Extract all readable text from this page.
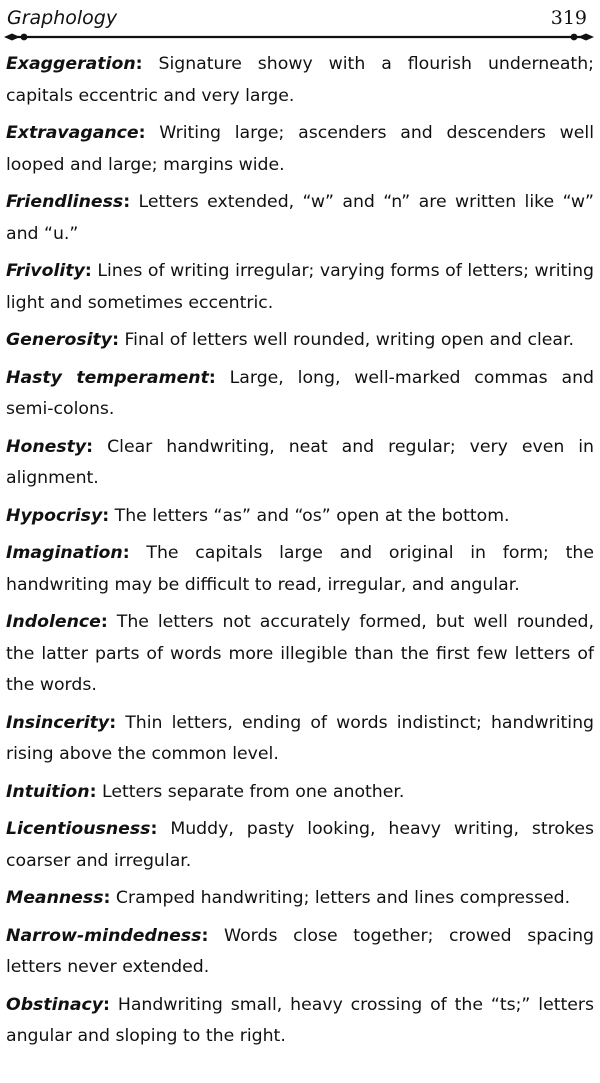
Graphology	319

Exaggeration: Signature showy with a flourish underneath; capitals eccentric and very large.

Extravagance: Writing large; ascenders and descenders well looped and large; margins wide.

Friendliness: Letters extended, “w” and “n” are written like “w” and “u.”

Frivolity: Lines of writing irregular; varying forms of letters; writing light and sometimes eccentric.

Generosity: Final of letters well rounded, writing open and clear.

Hasty temperament: Large, long, well-marked commas and semi-colons.

Honesty: Clear handwriting, neat and regular; very even in alignment.

Hypocrisy: The letters “as” and “os” open at the bottom.

Imagination: The capitals large and original in form; the handwriting may be difficult to read, irregular, and angular.

Indolence: The letters not accurately formed, but well rounded, the latter parts of words more illegible than the first few letters of the words.

Insincerity: Thin letters, ending of words indistinct; handwriting rising above the common level.

Intuition: Letters separate from one another.

Licentiousness: Muddy, pasty looking, heavy writing, strokes coarser and irregular.

Meanness: Cramped handwriting; letters and lines compressed.

Narrow-mindedness: Words close together; crowed spacing letters never extended.

Obstinacy: Handwriting small, heavy crossing of the “ts;” letters angular and sloping to the right.
